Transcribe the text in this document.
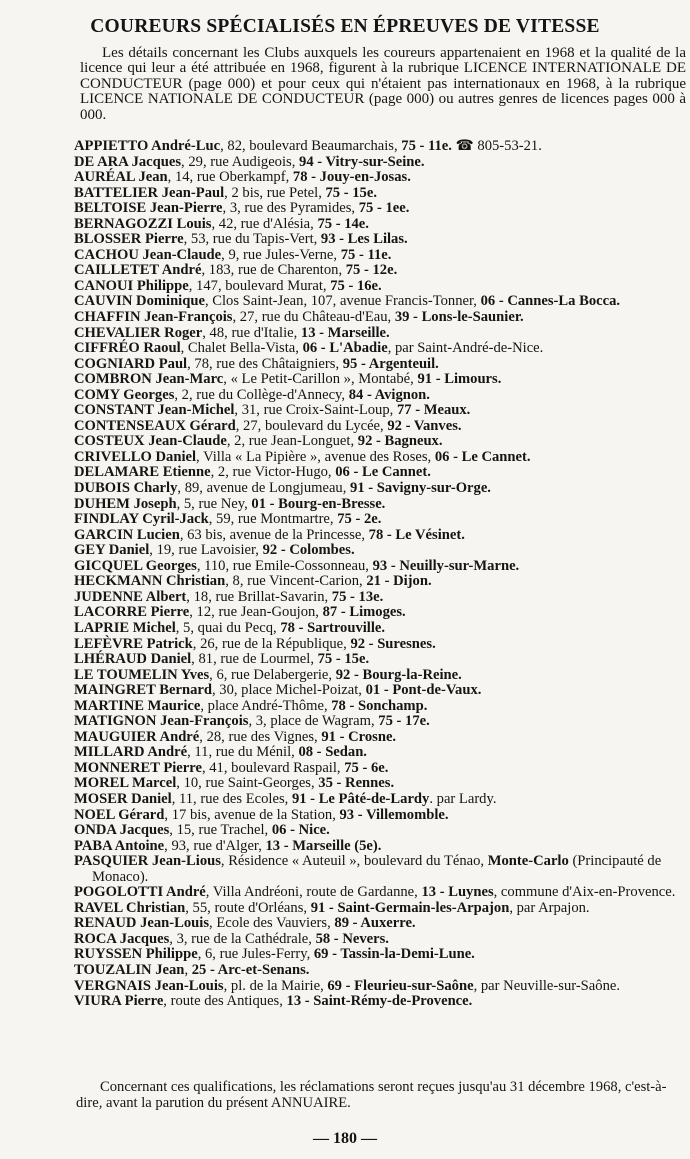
COUREURS SPÉCIALISÉS EN ÉPREUVES DE VITESSE

Les détails concernant les Clubs auxquels les coureurs appartenaient en 1968 et la qualité de la licence qui leur a été attribuée en 1968, figurent à la rubrique LICENCE INTERNATIONALE DE CONDUCTEUR (page 000) et pour ceux qui n'étaient pas internationaux en 1968, à la rubrique LICENCE NATIONALE DE CONDUCTEUR (page 000) ou autres genres de licences pages 000 à 000.

APPIETTO André-Luc, 82, boulevard Beaumarchais, 75 - 11e. ☎ 805-53-21.
DE ARA Jacques, 29, rue Audigeois, 94 - Vitry-sur-Seine.
AURÉAL Jean, 14, rue Oberkampf, 78 - Jouy-en-Josas.
BATTELIER Jean-Paul, 2 bis, rue Petel, 75 - 15e.
BELTOISE Jean-Pierre, 3, rue des Pyramides, 75 - 1ee.
BERNAGOZZI Louis, 42, rue d'Alésia, 75 - 14e.
BLOSSER Pierre, 53, rue du Tapis-Vert, 93 - Les Lilas.
CACHOU Jean-Claude, 9, rue Jules-Verne, 75 - 11e.
CAILLETET André, 183, rue de Charenton, 75 - 12e.
CANOUI Philippe, 147, boulevard Murat, 75 - 16e.
CAUVIN Dominique, Clos Saint-Jean, 107, avenue Francis-Tonner, 06 - Cannes-La Bocca.
CHAFFIN Jean-François, 27, rue du Château-d'Eau, 39 - Lons-le-Saunier.
CHEVALIER Roger, 48, rue d'Italie, 13 - Marseille.
CIFFRÉO Raoul, Chalet Bella-Vista, 06 - L'Abadie, par Saint-André-de-Nice.
COGNIARD Paul, 78, rue des Châtaigniers, 95 - Argenteuil.
COMBRON Jean-Marc, « Le Petit-Carillon », Montabé, 91 - Limours.
COMY Georges, 2, rue du Collège-d'Annecy, 84 - Avignon.
CONSTANT Jean-Michel, 31, rue Croix-Saint-Loup, 77 - Meaux.
CONTENSEAUX Gérard, 27, boulevard du Lycée, 92 - Vanves.
COSTEUX Jean-Claude, 2, rue Jean-Longuet, 92 - Bagneux.
CRIVELLO Daniel, Villa « La Pipière », avenue des Roses, 06 - Le Cannet.
DELAMARE Etienne, 2, rue Victor-Hugo, 06 - Le Cannet.
DUBOIS Charly, 89, avenue de Longjumeau, 91 - Savigny-sur-Orge.
DUHEM Joseph, 5, rue Ney, 01 - Bourg-en-Bresse.
FINDLAY Cyril-Jack, 59, rue Montmartre, 75 - 2e.
GARCIN Lucien, 63 bis, avenue de la Princesse, 78 - Le Vésinet.
GEY Daniel, 19, rue Lavoisier, 92 - Colombes.
GICQUEL Georges, 110, rue Emile-Cossonneau, 93 - Neuilly-sur-Marne.
HECKMANN Christian, 8, rue Vincent-Carion, 21 - Dijon.
JUDENNE Albert, 18, rue Brillat-Savarin, 75 - 13e.
LACORRE Pierre, 12, rue Jean-Goujon, 87 - Limoges.
LAPRIE Michel, 5, quai du Pecq, 78 - Sartrouville.
LEFÈVRE Patrick, 26, rue de la République, 92 - Suresnes.
LHÉRAUD Daniel, 81, rue de Lourmel, 75 - 15e.
LE TOUMELIN Yves, 6, rue Delabergerie, 92 - Bourg-la-Reine.
MAINGRET Bernard, 30, place Michel-Poizat, 01 - Pont-de-Vaux.
MARTINE Maurice, place André-Thôme, 78 - Sonchamp.
MATIGNON Jean-François, 3, place de Wagram, 75 - 17e.
MAUGUIER André, 28, rue des Vignes, 91 - Crosne.
MILLARD André, 11, rue du Ménil, 08 - Sedan.
MONNERET Pierre, 41, boulevard Raspail, 75 - 6e.
MOREL Marcel, 10, rue Saint-Georges, 35 - Rennes.
MOSER Daniel, 11, rue des Ecoles, 91 - Le Pâté-de-Lardy. par Lardy.
NOEL Gérard, 17 bis, avenue de la Station, 93 - Villemomble.
ONDA Jacques, 15, rue Trachel, 06 - Nice.
PABA Antoine, 93, rue d'Alger, 13 - Marseille (5e).
PASQUIER Jean-Lious, Résidence « Auteuil », boulevard du Ténao, Monte-Carlo (Principauté de Monaco).
POGOLOTTI André, Villa Andréoni, route de Gardanne, 13 - Luynes, commune d'Aix-en-Provence.
RAVEL Christian, 55, route d'Orléans, 91 - Saint-Germain-les-Arpajon, par Arpajon.
RENAUD Jean-Louis, Ecole des Vauviers, 89 - Auxerre.
ROCA Jacques, 3, rue de la Cathédrale, 58 - Nevers.
RUYSSEN Philippe, 6, rue Jules-Ferry, 69 - Tassin-la-Demi-Lune.
TOUZALIN Jean, 25 - Arc-et-Senans.
VERGNAIS Jean-Louis, pl. de la Mairie, 69 - Fleurieu-sur-Saône, par Neuville-sur-Saône.
VIURA Pierre, route des Antiques, 13 - Saint-Rémy-de-Provence.

Concernant ces qualifications, les réclamations seront reçues jusqu'au 31 décembre 1968, c'est-à-dire, avant la parution du présent ANNUAIRE.

— 180 —
